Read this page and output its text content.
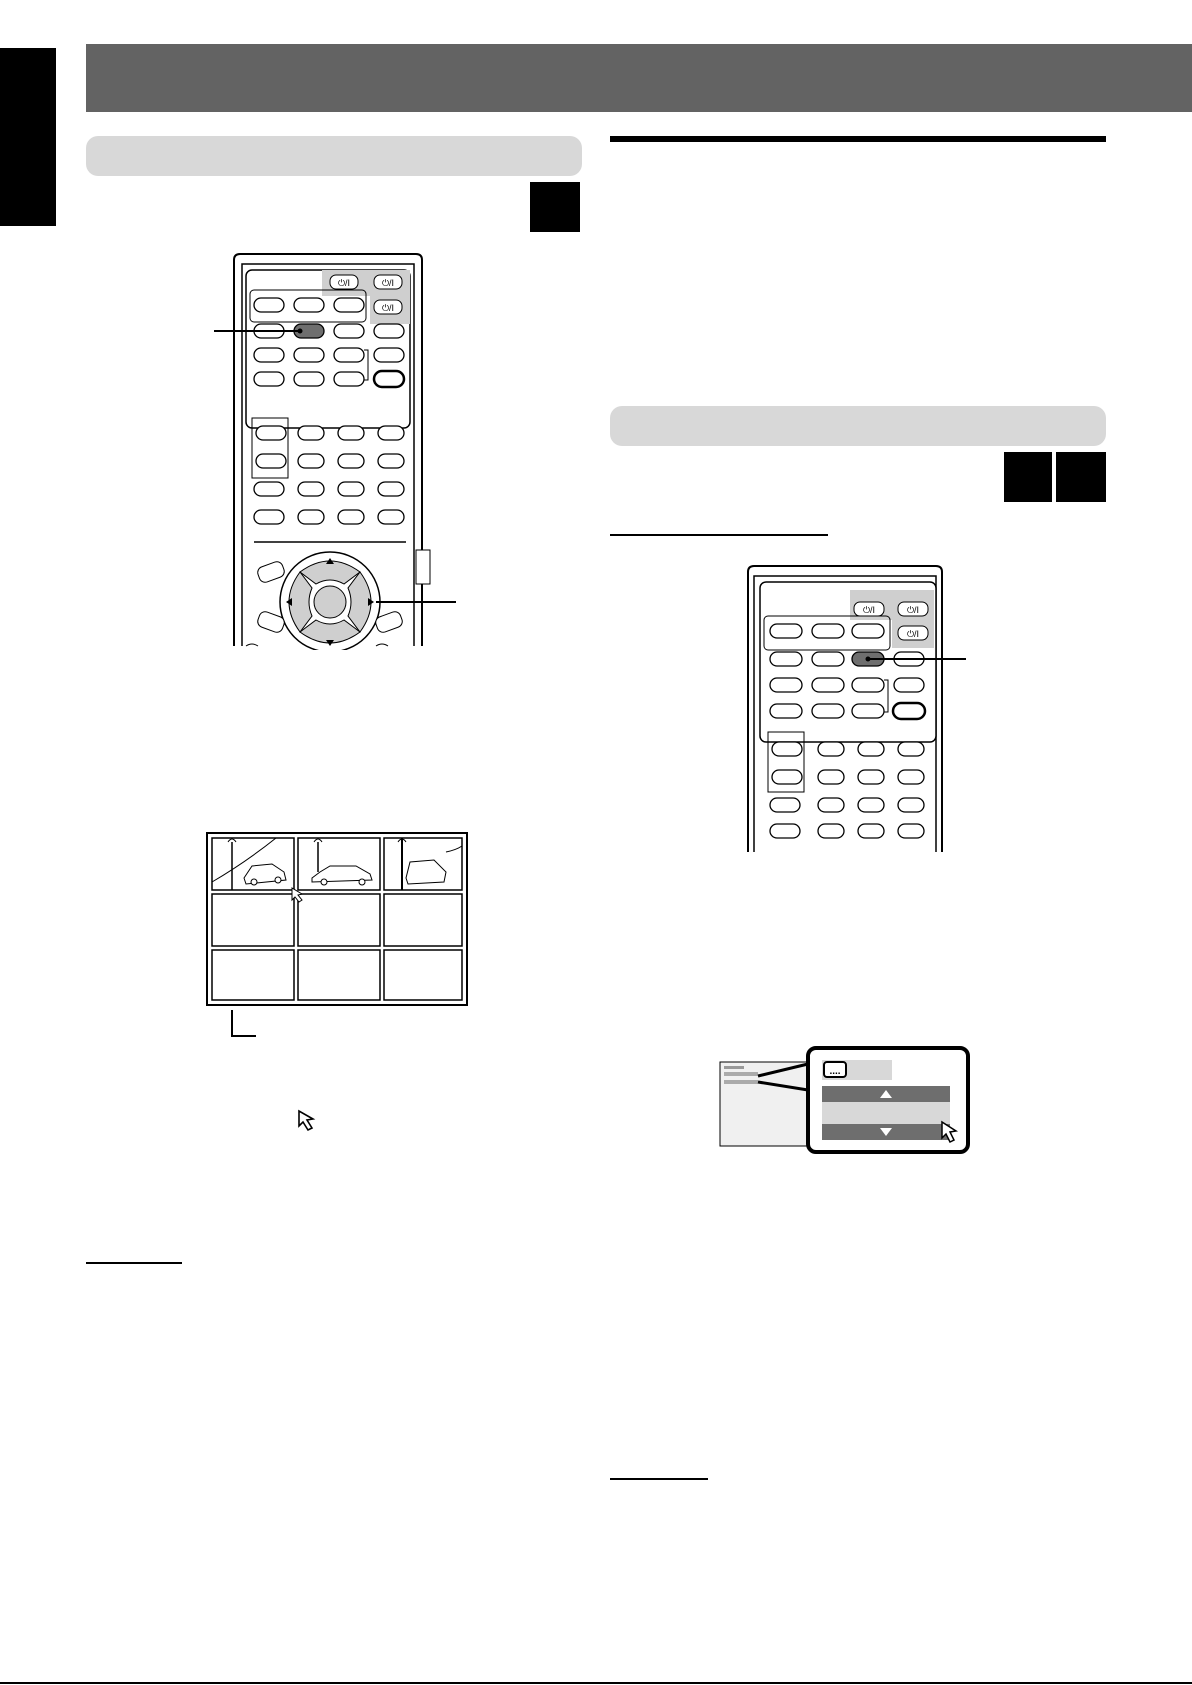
⏻/I	⏻/I
⏻/I
⏻/I	⏻/I
⏻/I
....
